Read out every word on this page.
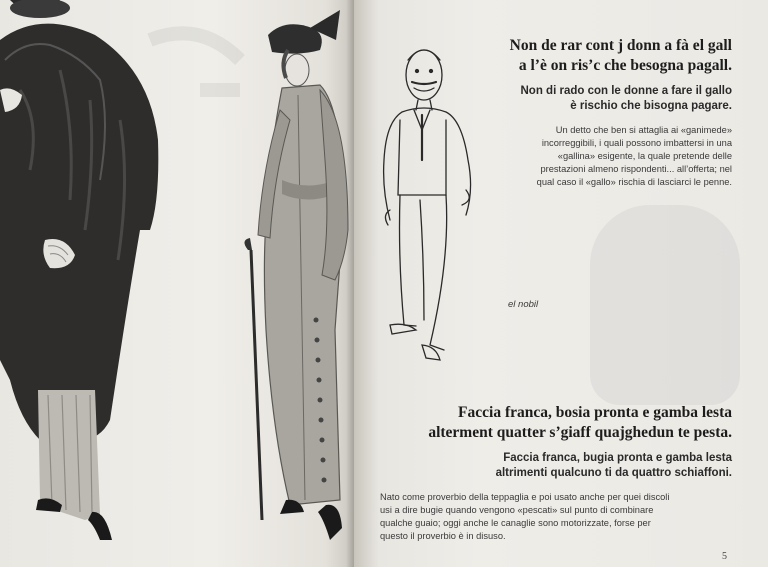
Non de rar cont j donn a fà el gall
a l’è on ris’c che besogna pagall.

Non di rado con le donne a fare il gallo
è rischio che bisogna pagare.

Un detto che ben si attaglia ai «ganimede»
incorreggibili, i quali possono imbattersi in una
«gallina» esigente, la quale pretende delle
prestazioni almeno rispondenti... all’offerta; nel
qual caso il «gallo» rischia di lasciarci le penne.

el nobil

Faccia franca, bosia pronta e gamba lesta
alterment quatter s’giaff quajghedun te pesta.

Faccia franca, bugia pronta e gamba lesta
altrimenti qualcuno ti da quattro schiaffoni.

Nato come proverbio della teppaglia e poi usato anche per quei discoli
usi a dire bugie quando vengono «pescati» sul punto di combinare
qualche guaio; oggi anche le canaglie sono motorizzate, forse per
questo il proverbio è in disuso.

5
